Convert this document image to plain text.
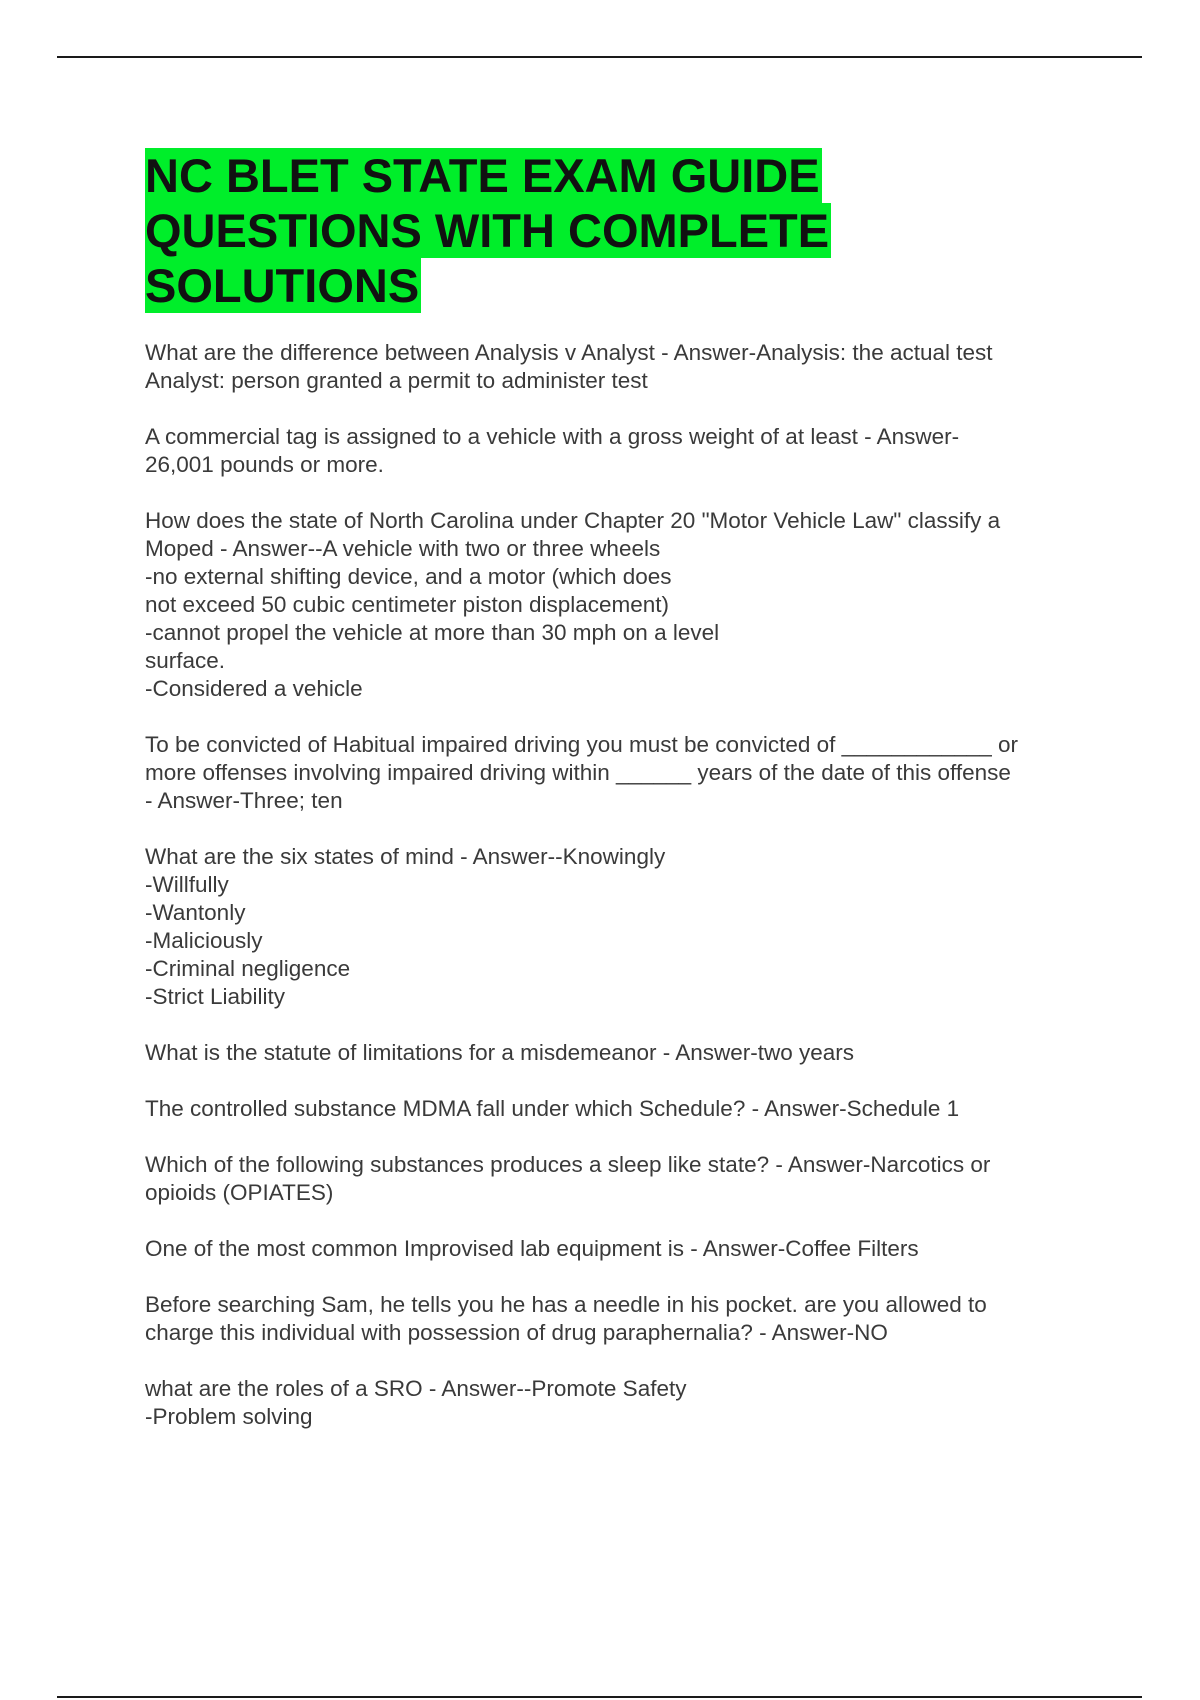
NC BLET STATE EXAM GUIDE
QUESTIONS WITH COMPLETE
SOLUTIONS

What are the difference between Analysis v Analyst - Answer-Analysis: the actual test
Analyst: person granted a permit to administer test

A commercial tag is assigned to a vehicle with a gross weight of at least - Answer-
26,001 pounds or more.

How does the state of North Carolina under Chapter 20 "Motor Vehicle Law" classify a
Moped - Answer--A vehicle with two or three wheels
-no external shifting device, and a motor (which does
not exceed 50 cubic centimeter piston displacement)
-cannot propel the vehicle at more than 30 mph on a level
surface.
-Considered a vehicle

To be convicted of Habitual impaired driving you must be convicted of ____________ or
more offenses involving impaired driving within ______ years of the date of this offense
- Answer-Three; ten

What are the six states of mind - Answer--Knowingly
-Willfully
-Wantonly
-Maliciously
-Criminal negligence
-Strict Liability

What is the statute of limitations for a misdemeanor - Answer-two years

The controlled substance MDMA fall under which Schedule? - Answer-Schedule 1

Which of the following substances produces a sleep like state? - Answer-Narcotics or
opioids (OPIATES)

One of the most common Improvised lab equipment is - Answer-Coffee Filters

Before searching Sam, he tells you he has a needle in his pocket. are you allowed to
charge this individual with possession of drug paraphernalia? - Answer-NO

what are the roles of a SRO - Answer--Promote Safety
-Problem solving
